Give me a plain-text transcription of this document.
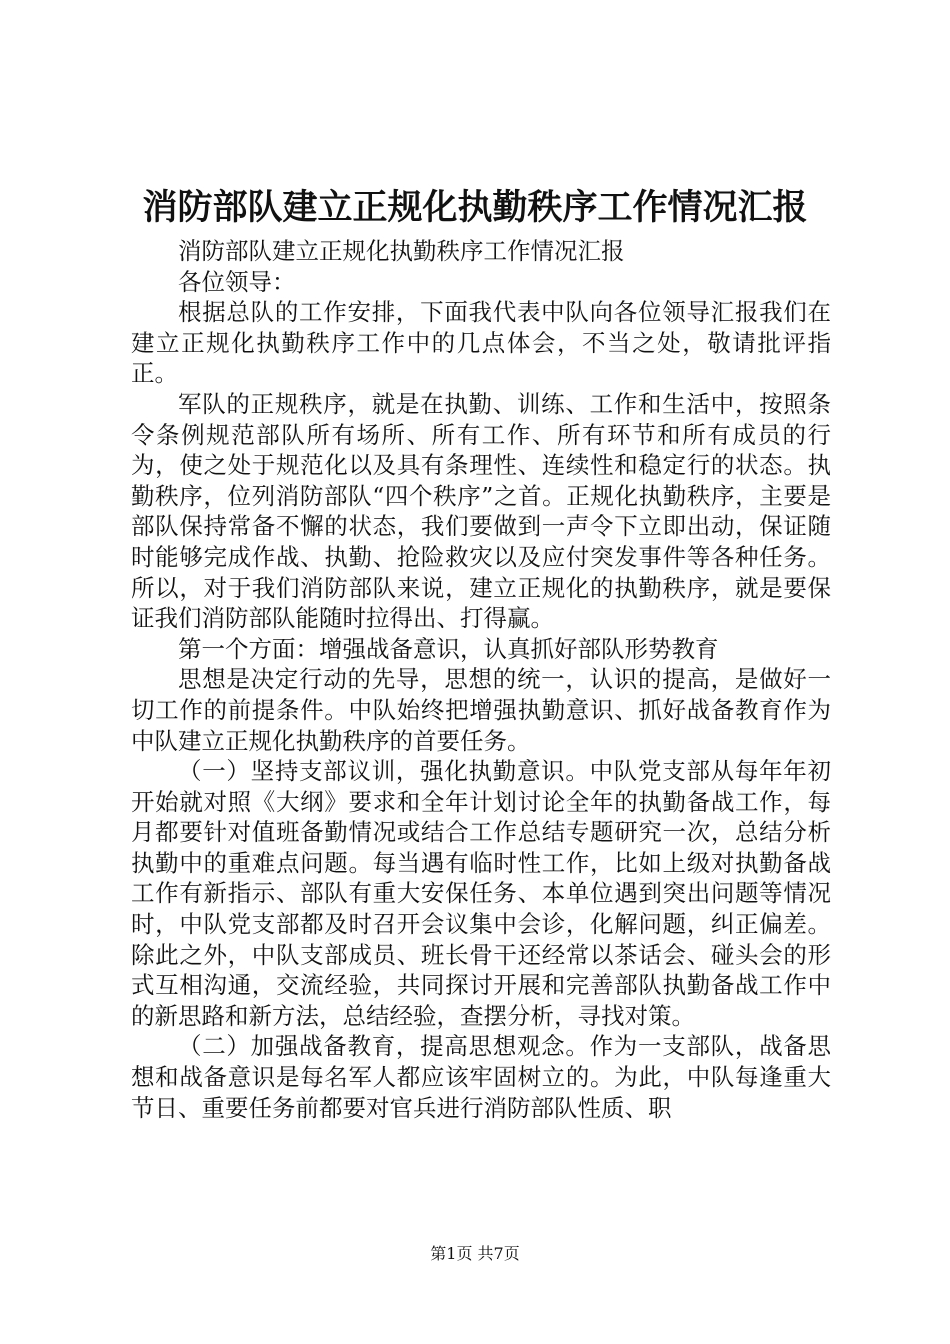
消防部队建立正规化执勤秩序工作情况汇报

消防部队建立正规化执勤秩序工作情况汇报

各位领导：

根据总队的工作安排，下面我代表中队向各位领导汇报我们在建立正规化执勤秩序工作中的几点体会，不当之处，敬请批评指正。

军队的正规秩序，就是在执勤、训练、工作和生活中，按照条令条例规范部队所有场所、所有工作、所有环节和所有成员的行为，使之处于规范化以及具有条理性、连续性和稳定行的状态。执勤秩序，位列消防部队“四个秩序”之首。正规化执勤秩序，主要是部队保持常备不懈的状态，我们要做到一声令下立即出动，保证随时能够完成作战、执勤、抢险救灾以及应付突发事件等各种任务。所以，对于我们消防部队来说，建立正规化的执勤秩序，就是要保证我们消防部队能随时拉得出、打得赢。

第一个方面：增强战备意识，认真抓好部队形势教育

思想是决定行动的先导，思想的统一，认识的提高，是做好一切工作的前提条件。中队始终把增强执勤意识、抓好战备教育作为中队建立正规化执勤秩序的首要任务。

（一）坚持支部议训，强化执勤意识。中队党支部从每年年初开始就对照《大纲》要求和全年计划讨论全年的执勤备战工作，每月都要针对值班备勤情况或结合工作总结专题研究一次，总结分析执勤中的重难点问题。每当遇有临时性工作，比如上级对执勤备战工作有新指示、部队有重大安保任务、本单位遇到突出问题等情况时，中队党支部都及时召开会议集中会诊，化解问题，纠正偏差。除此之外，中队支部成员、班长骨干还经常以茶话会、碰头会的形式互相沟通，交流经验，共同探讨开展和完善部队执勤备战工作中的新思路和新方法，总结经验，查摆分析，寻找对策。

（二）加强战备教育，提高思想观念。作为一支部队，战备思想和战备意识是每名军人都应该牢固树立的。为此，中队每逢重大节日、重要任务前都要对官兵进行消防部队性质、职

第1页 共7页
